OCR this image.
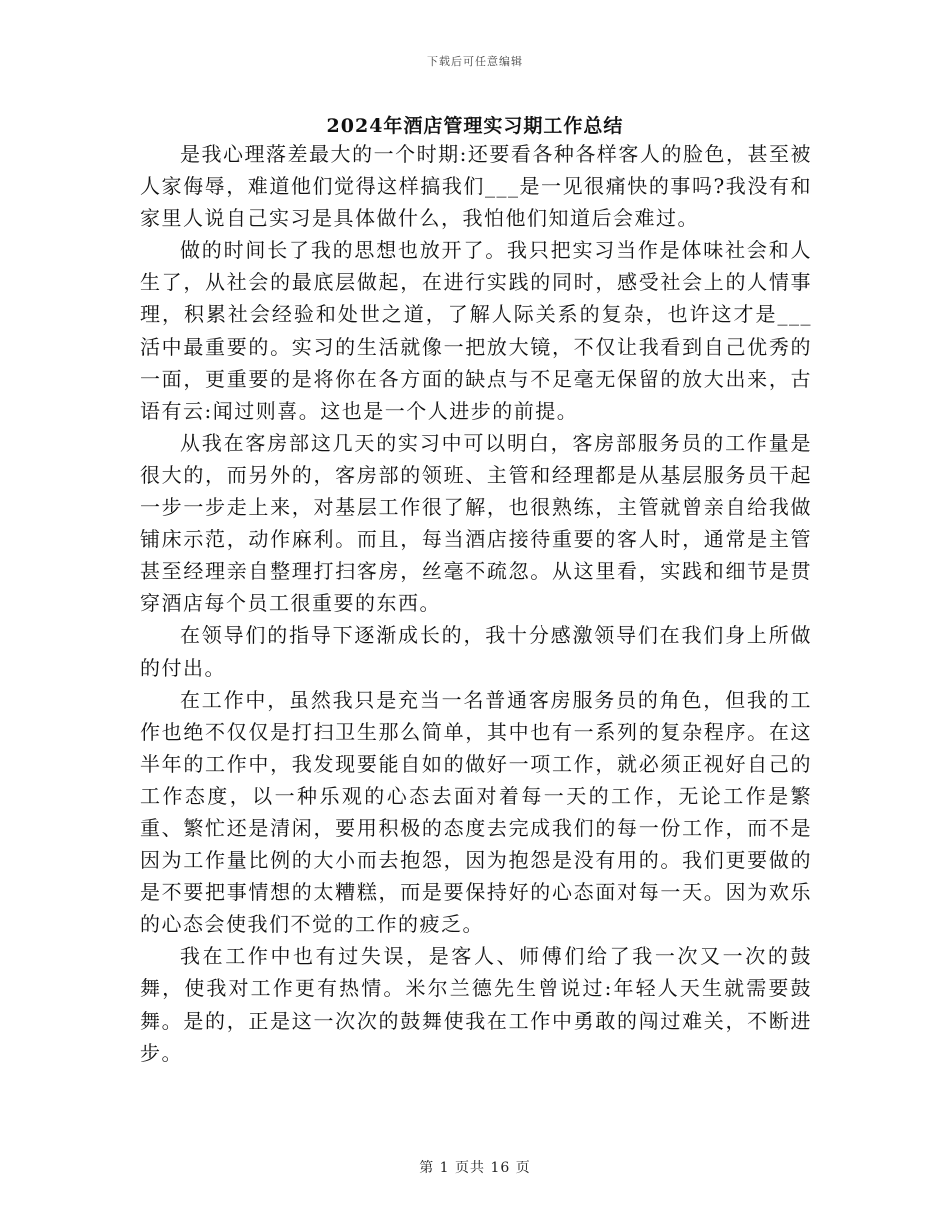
下载后可任意编辑
2024年酒店管理实习期工作总结

是我心理落差最大的一个时期:还要看各种各样客人的脸色，甚至被人家侮辱，难道他们觉得这样搞我们___是一见很痛快的事吗?我没有和家里人说自己实习是具体做什么，我怕他们知道后会难过。

做的时间长了我的思想也放开了。我只把实习当作是体味社会和人生了，从社会的最底层做起，在进行实践的同时，感受社会上的人情事理，积累社会经验和处世之道，了解人际关系的复杂，也许这才是___活中最重要的。实习的生活就像一把放大镜，不仅让我看到自己优秀的一面，更重要的是将你在各方面的缺点与不足毫无保留的放大出来，古语有云:闻过则喜。这也是一个人进步的前提。

从我在客房部这几天的实习中可以明白，客房部服务员的工作量是很大的，而另外的，客房部的领班、主管和经理都是从基层服务员干起一步一步走上来，对基层工作很了解，也很熟练，主管就曾亲自给我做铺床示范，动作麻利。而且，每当酒店接待重要的客人时，通常是主管甚至经理亲自整理打扫客房，丝毫不疏忽。从这里看，实践和细节是贯穿酒店每个员工很重要的东西。

在领导们的指导下逐渐成长的，我十分感激领导们在我们身上所做的付出。

在工作中，虽然我只是充当一名普通客房服务员的角色，但我的工作也绝不仅仅是打扫卫生那么简单，其中也有一系列的复杂程序。在这半年的工作中，我发现要能自如的做好一项工作，就必须正视好自己的工作态度，以一种乐观的心态去面对着每一天的工作，无论工作是繁重、繁忙还是清闲，要用积极的态度去完成我们的每一份工作，而不是因为工作量比例的大小而去抱怨，因为抱怨是没有用的。我们更要做的是不要把事情想的太糟糕，而是要保持好的心态面对每一天。因为欢乐的心态会使我们不觉的工作的疲乏。

我在工作中也有过失误，是客人、师傅们给了我一次又一次的鼓舞，使我对工作更有热情。米尔兰德先生曾说过:年轻人天生就需要鼓舞。是的，正是这一次次的鼓舞使我在工作中勇敢的闯过难关，不断进步。

第 1 页共 16 页
